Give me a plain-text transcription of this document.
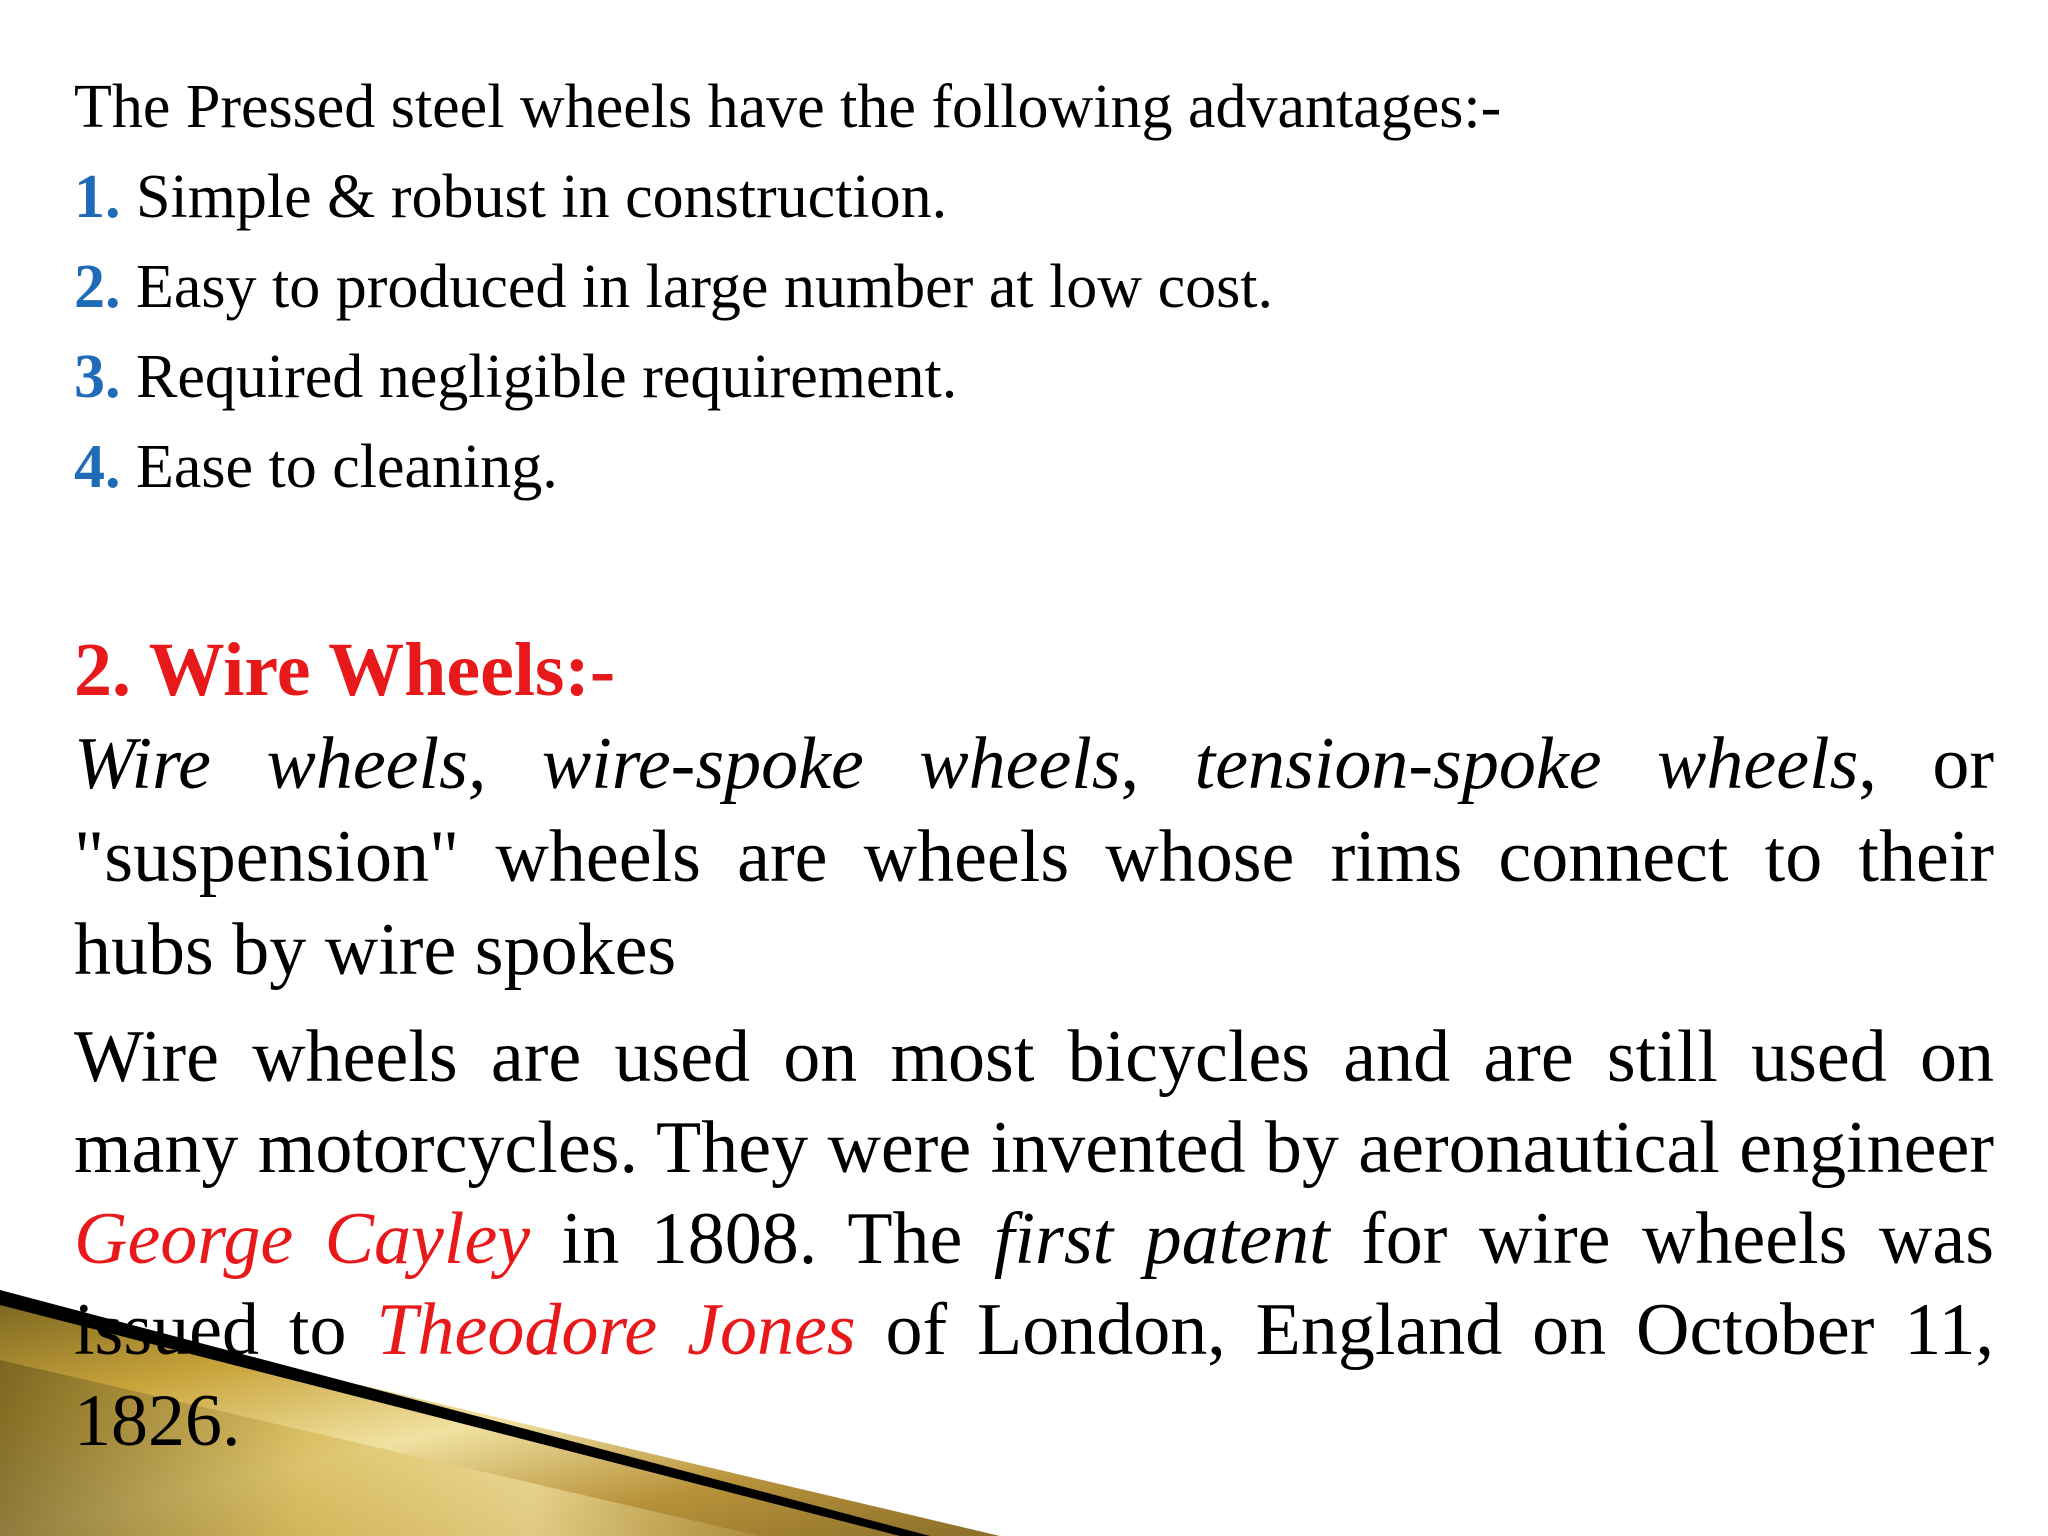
The Pressed steel wheels have the following advantages:-

1. Simple & robust in construction.

2. Easy to produced in large number at low cost.

3. Required negligible requirement.

4. Ease to cleaning.

2. Wire Wheels:-

Wire wheels, wire-spoke wheels, tension-spoke wheels, or "suspension" wheels are wheels whose rims connect to their hubs by wire spokes

Wire wheels are used on most bicycles and are still used on many motorcycles. They were invented by aeronautical engineer George Cayley in 1808. The first patent for wire wheels was issued to Theodore Jones of London, England on October 11, 1826.
